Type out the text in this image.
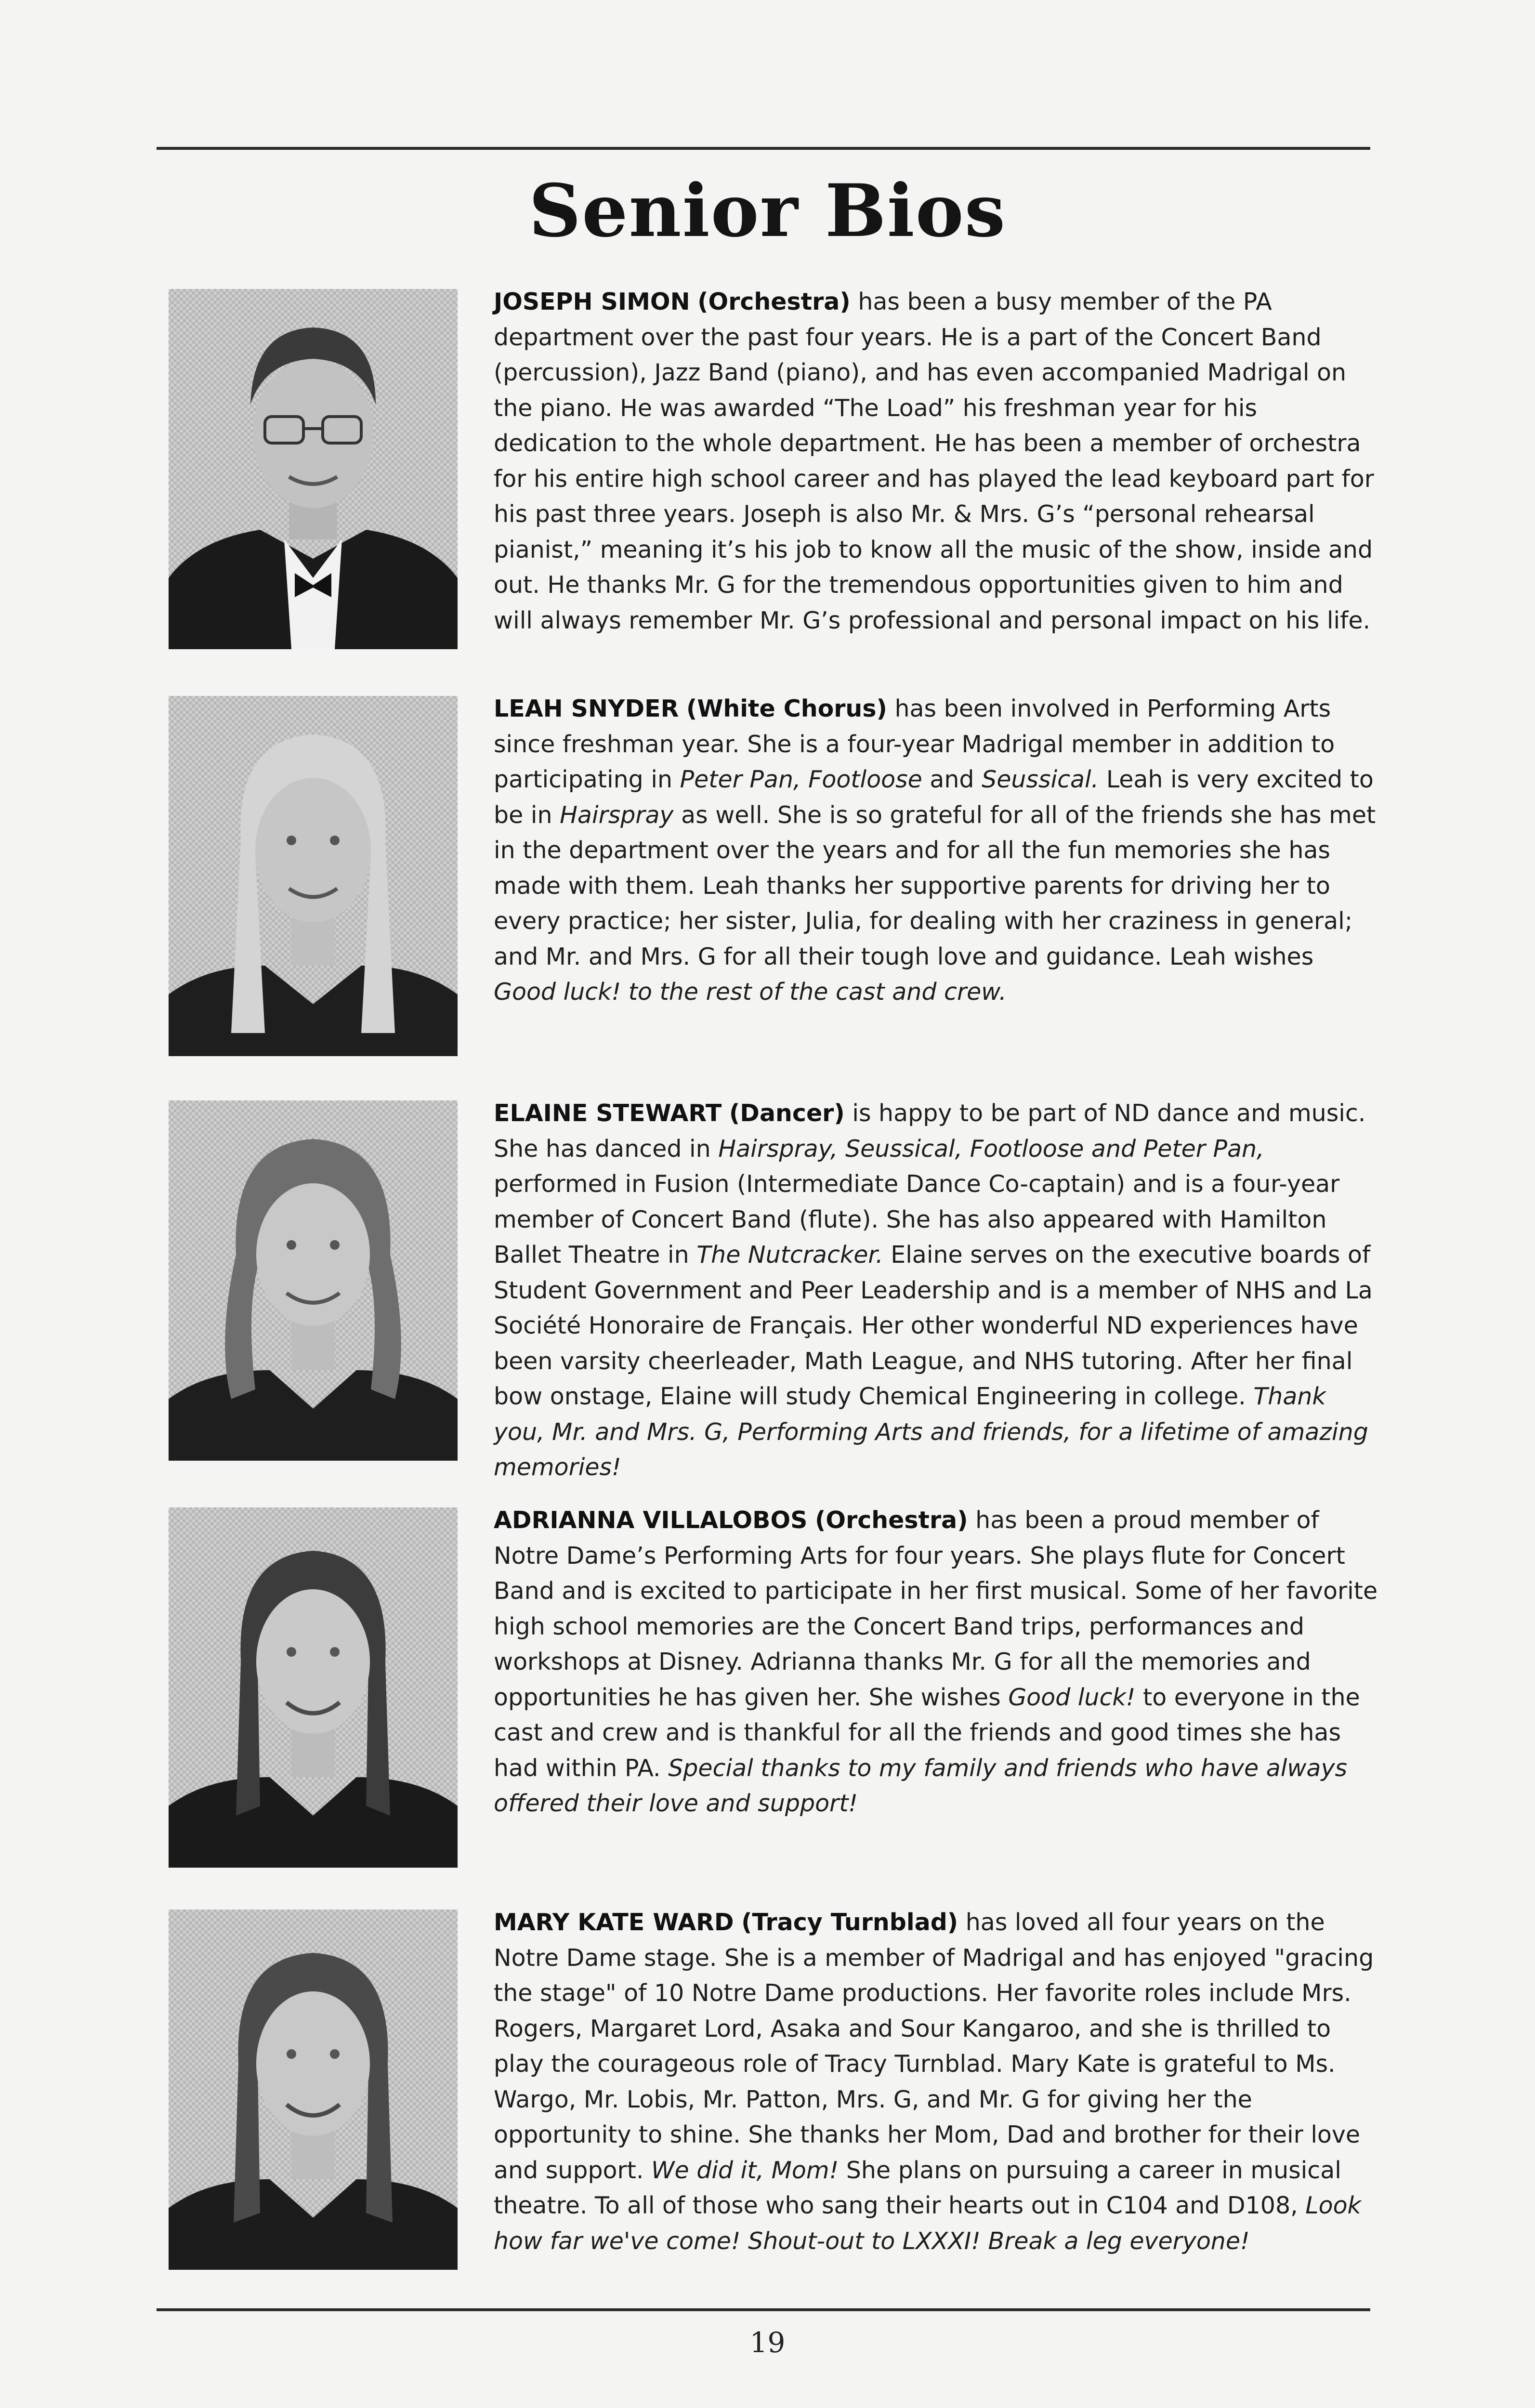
Senior Bios
JOSEPH SIMON (Orchestra) has been a busy member of the PA department over the past four years. He is a part of the Concert Band (percussion), Jazz Band (piano), and has even accompanied Madrigal on the piano. He was awarded “The Load” his freshman year for his dedication to the whole department. He has been a member of orchestra for his entire high school career and has played the lead keyboard part for his past three years. Joseph is also Mr. & Mrs. G’s “personal rehearsal pianist,” meaning it’s his job to know all the music of the show, inside and out. He thanks Mr. G for the tremendous opportunities given to him and will always remember Mr. G’s professional and personal impact on his life.
LEAH SNYDER (White Chorus) has been involved in Performing Arts since freshman year. She is a four-year Madrigal member in addition to participating in Peter Pan, Footloose and Seussical. Leah is very excited to be in Hairspray as well. She is so grateful for all of the friends she has met in the department over the years and for all the fun memories she has made with them. Leah thanks her supportive parents for driving her to every practice; her sister, Julia, for dealing with her craziness in general; and Mr. and Mrs. G for all their tough love and guidance. Leah wishes Good luck! to the rest of the cast and crew.
ELAINE STEWART (Dancer) is happy to be part of ND dance and music. She has danced in Hairspray, Seussical, Footloose and Peter Pan, performed in Fusion (Intermediate Dance Co-captain) and is a four-year member of Concert Band (flute). She has also appeared with Hamilton Ballet Theatre in The Nutcracker. Elaine serves on the executive boards of Student Government and Peer Leadership and is a member of NHS and La Société Honoraire de Français. Her other wonderful ND experiences have been varsity cheerleader, Math League, and NHS tutoring. After her final bow onstage, Elaine will study Chemical Engineering in college. Thank you, Mr. and Mrs. G, Performing Arts and friends, for a lifetime of amazing memories!
ADRIANNA VILLALOBOS (Orchestra) has been a proud member of Notre Dame’s Performing Arts for four years. She plays flute for Concert Band and is excited to participate in her first musical. Some of her favorite high school memories are the Concert Band trips, performances and workshops at Disney. Adrianna thanks Mr. G for all the memories and opportunities he has given her. She wishes Good luck! to everyone in the cast and crew and is thankful for all the friends and good times she has had within PA. Special thanks to my family and friends who have always offered their love and support!
MARY KATE WARD (Tracy Turnblad) has loved all four years on the Notre Dame stage. She is a member of Madrigal and has enjoyed "gracing the stage" of 10 Notre Dame productions. Her favorite roles include Mrs. Rogers, Margaret Lord, Asaka and Sour Kangaroo, and she is thrilled to play the courageous role of Tracy Turnblad. Mary Kate is grateful to Ms. Wargo, Mr. Lobis, Mr. Patton, Mrs. G, and Mr. G for giving her the opportunity to shine. She thanks her Mom, Dad and brother for their love and support. We did it, Mom! She plans on pursuing a career in musical theatre. To all of those who sang their hearts out in C104 and D108, Look how far we've come! Shout-out to LXXXI! Break a leg everyone!
19
